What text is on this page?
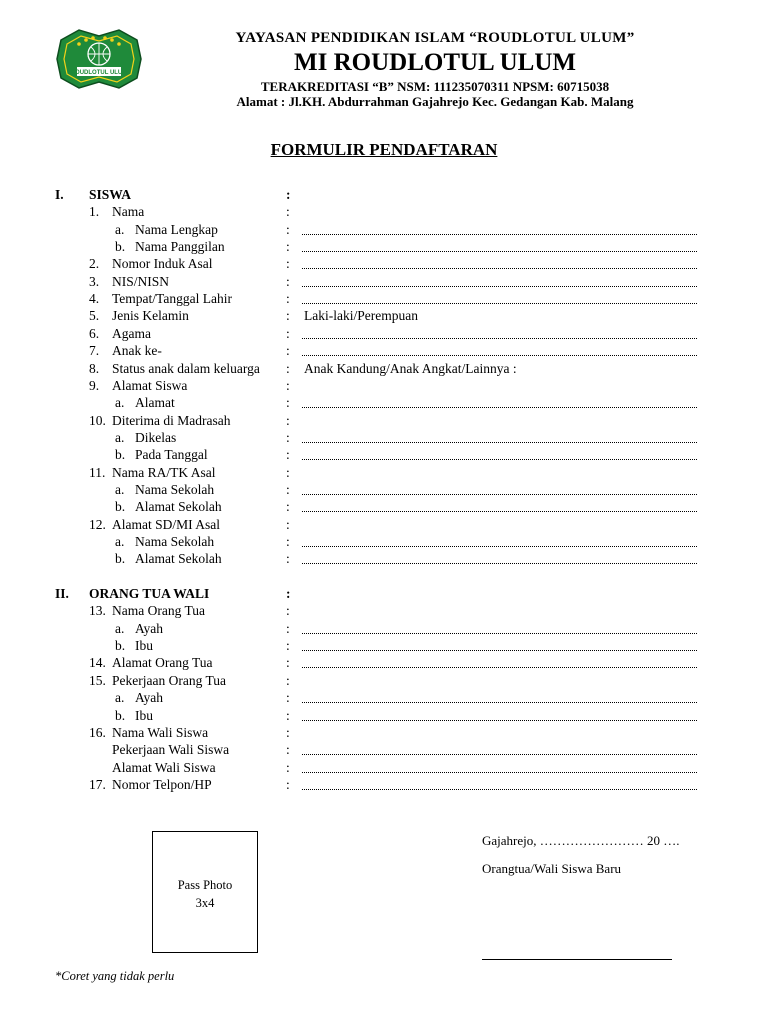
ROUDLOTUL ULUM
YAYASAN PENDIDIKAN ISLAM “ROUDLOTUL ULUM”
MI ROUDLOTUL ULUM
TERAKREDITASI “B” NSM: 111235070311 NPSM: 60715038
Alamat : Jl.KH. Abdurrahman Gajahrejo Kec. Gedangan Kab. Malang
FORMULIR PENDAFTARAN
I. SISWA	:
1. Nama	:
a. Nama Lengkap	:
b. Nama Panggilan	:
2. Nomor Induk Asal	:
3. NIS/NISN	:
4. Tempat/Tanggal Lahir	:
5. Jenis Kelamin	: Laki-laki/Perempuan
6. Agama	:
7. Anak ke-	:
8. Status anak dalam keluarga : Anak Kandung/Anak Angkat/Lainnya :
9. Alamat Siswa	:
a. Alamat	:
10. Diterima di Madrasah	:
a. Dikelas	:
b. Pada Tanggal	:
11. Nama RA/TK Asal	:
a. Nama Sekolah	:
b. Alamat Sekolah	:
12. Alamat SD/MI Asal	:
a. Nama Sekolah	:
b. Alamat Sekolah	:
II. ORANG TUA WALI	:
13. Nama Orang Tua	:
a. Ayah	:
b. Ibu	:
14. Alamat Orang Tua	:
15. Pekerjaan Orang Tua	:
a. Ayah	:
b. Ibu	:
16. Nama Wali Siswa	:
Pekerjaan Wali Siswa	:
Alamat Wali Siswa	:
17. Nomor Telpon/HP	:
Pass Photo
3x4
Gajahrejo, …………………… 20 ….
Orangtua/Wali Siswa Baru
*Coret yang tidak perlu
